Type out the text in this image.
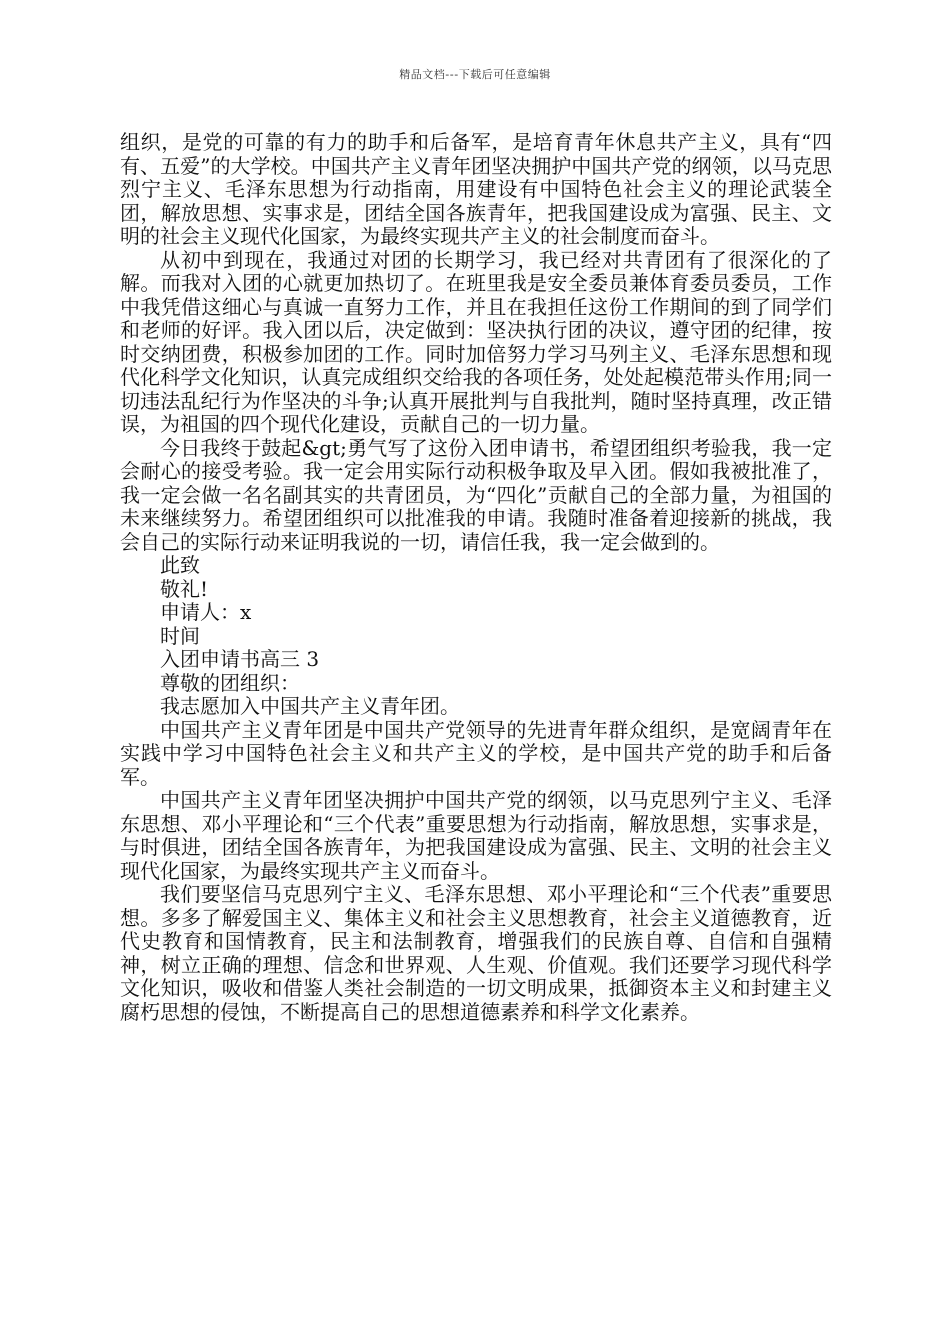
精品文档---下载后可任意编辑

组织，是党的可靠的有力的助手和后备军，是培育青年休息共产主义，具有“四有、五爱”的大学校。中国共产主义青年团坚决拥护中国共产党的纲领，以马克思烈宁主义、毛泽东思想为行动指南，用建设有中国特色社会主义的理论武装全团，解放思想、实事求是，团结全国各族青年，把我国建设成为富强、民主、文明的社会主义现代化国家，为最终实现共产主义的社会制度而奋斗。

从初中到现在，我通过对团的长期学习，我已经对共青团有了很深化的了解。而我对入团的心就更加热切了。在班里我是安全委员兼体育委员委员，工作中我凭借这细心与真诚一直努力工作，并且在我担任这份工作期间的到了同学们和老师的好评。我入团以后，决定做到：坚决执行团的决议，遵守团的纪律，按时交纳团费，积极参加团的工作。同时加倍努力学习马列主义、毛泽东思想和现代化科学文化知识，认真完成组织交给我的各项任务，处处起模范带头作用;同一切违法乱纪行为作坚决的斗争;认真开展批判与自我批判，随时坚持真理，改正错误，为祖国的四个现代化建设，贡献自己的一切力量。

今日我终于鼓起&gt;勇气写了这份入团申请书，希望团组织考验我，我一定会耐心的接受考验。我一定会用实际行动积极争取及早入团。假如我被批准了，我一定会做一名名副其实的共青团员，为“四化”贡献自己的全部力量，为祖国的未来继续努力。希望团组织可以批准我的申请。我随时准备着迎接新的挑战，我会自己的实际行动来证明我说的一切，请信任我，我一定会做到的。

此致

敬礼!

申请人：x

时间

入团申请书高三 3

尊敬的团组织：

我志愿加入中国共产主义青年团。

中国共产主义青年团是中国共产党领导的先进青年群众组织，是宽阔青年在实践中学习中国特色社会主义和共产主义的学校，是中国共产党的助手和后备军。

中国共产主义青年团坚决拥护中国共产党的纲领，以马克思列宁主义、毛泽东思想、邓小平理论和“三个代表”重要思想为行动指南，解放思想，实事求是，与时俱进，团结全国各族青年，为把我国建设成为富强、民主、文明的社会主义现代化国家，为最终实现共产主义而奋斗。

我们要坚信马克思列宁主义、毛泽东思想、邓小平理论和“三个代表”重要思想。多多了解爱国主义、集体主义和社会主义思想教育，社会主义道德教育，近代史教育和国情教育，民主和法制教育，增强我们的民族自尊、自信和自强精神，树立正确的理想、信念和世界观、人生观、价值观。我们还要学习现代科学文化知识，吸收和借鉴人类社会制造的一切文明成果，抵御资本主义和封建主义腐朽思想的侵蚀，不断提高自己的思想道德素养和科学文化素养。
